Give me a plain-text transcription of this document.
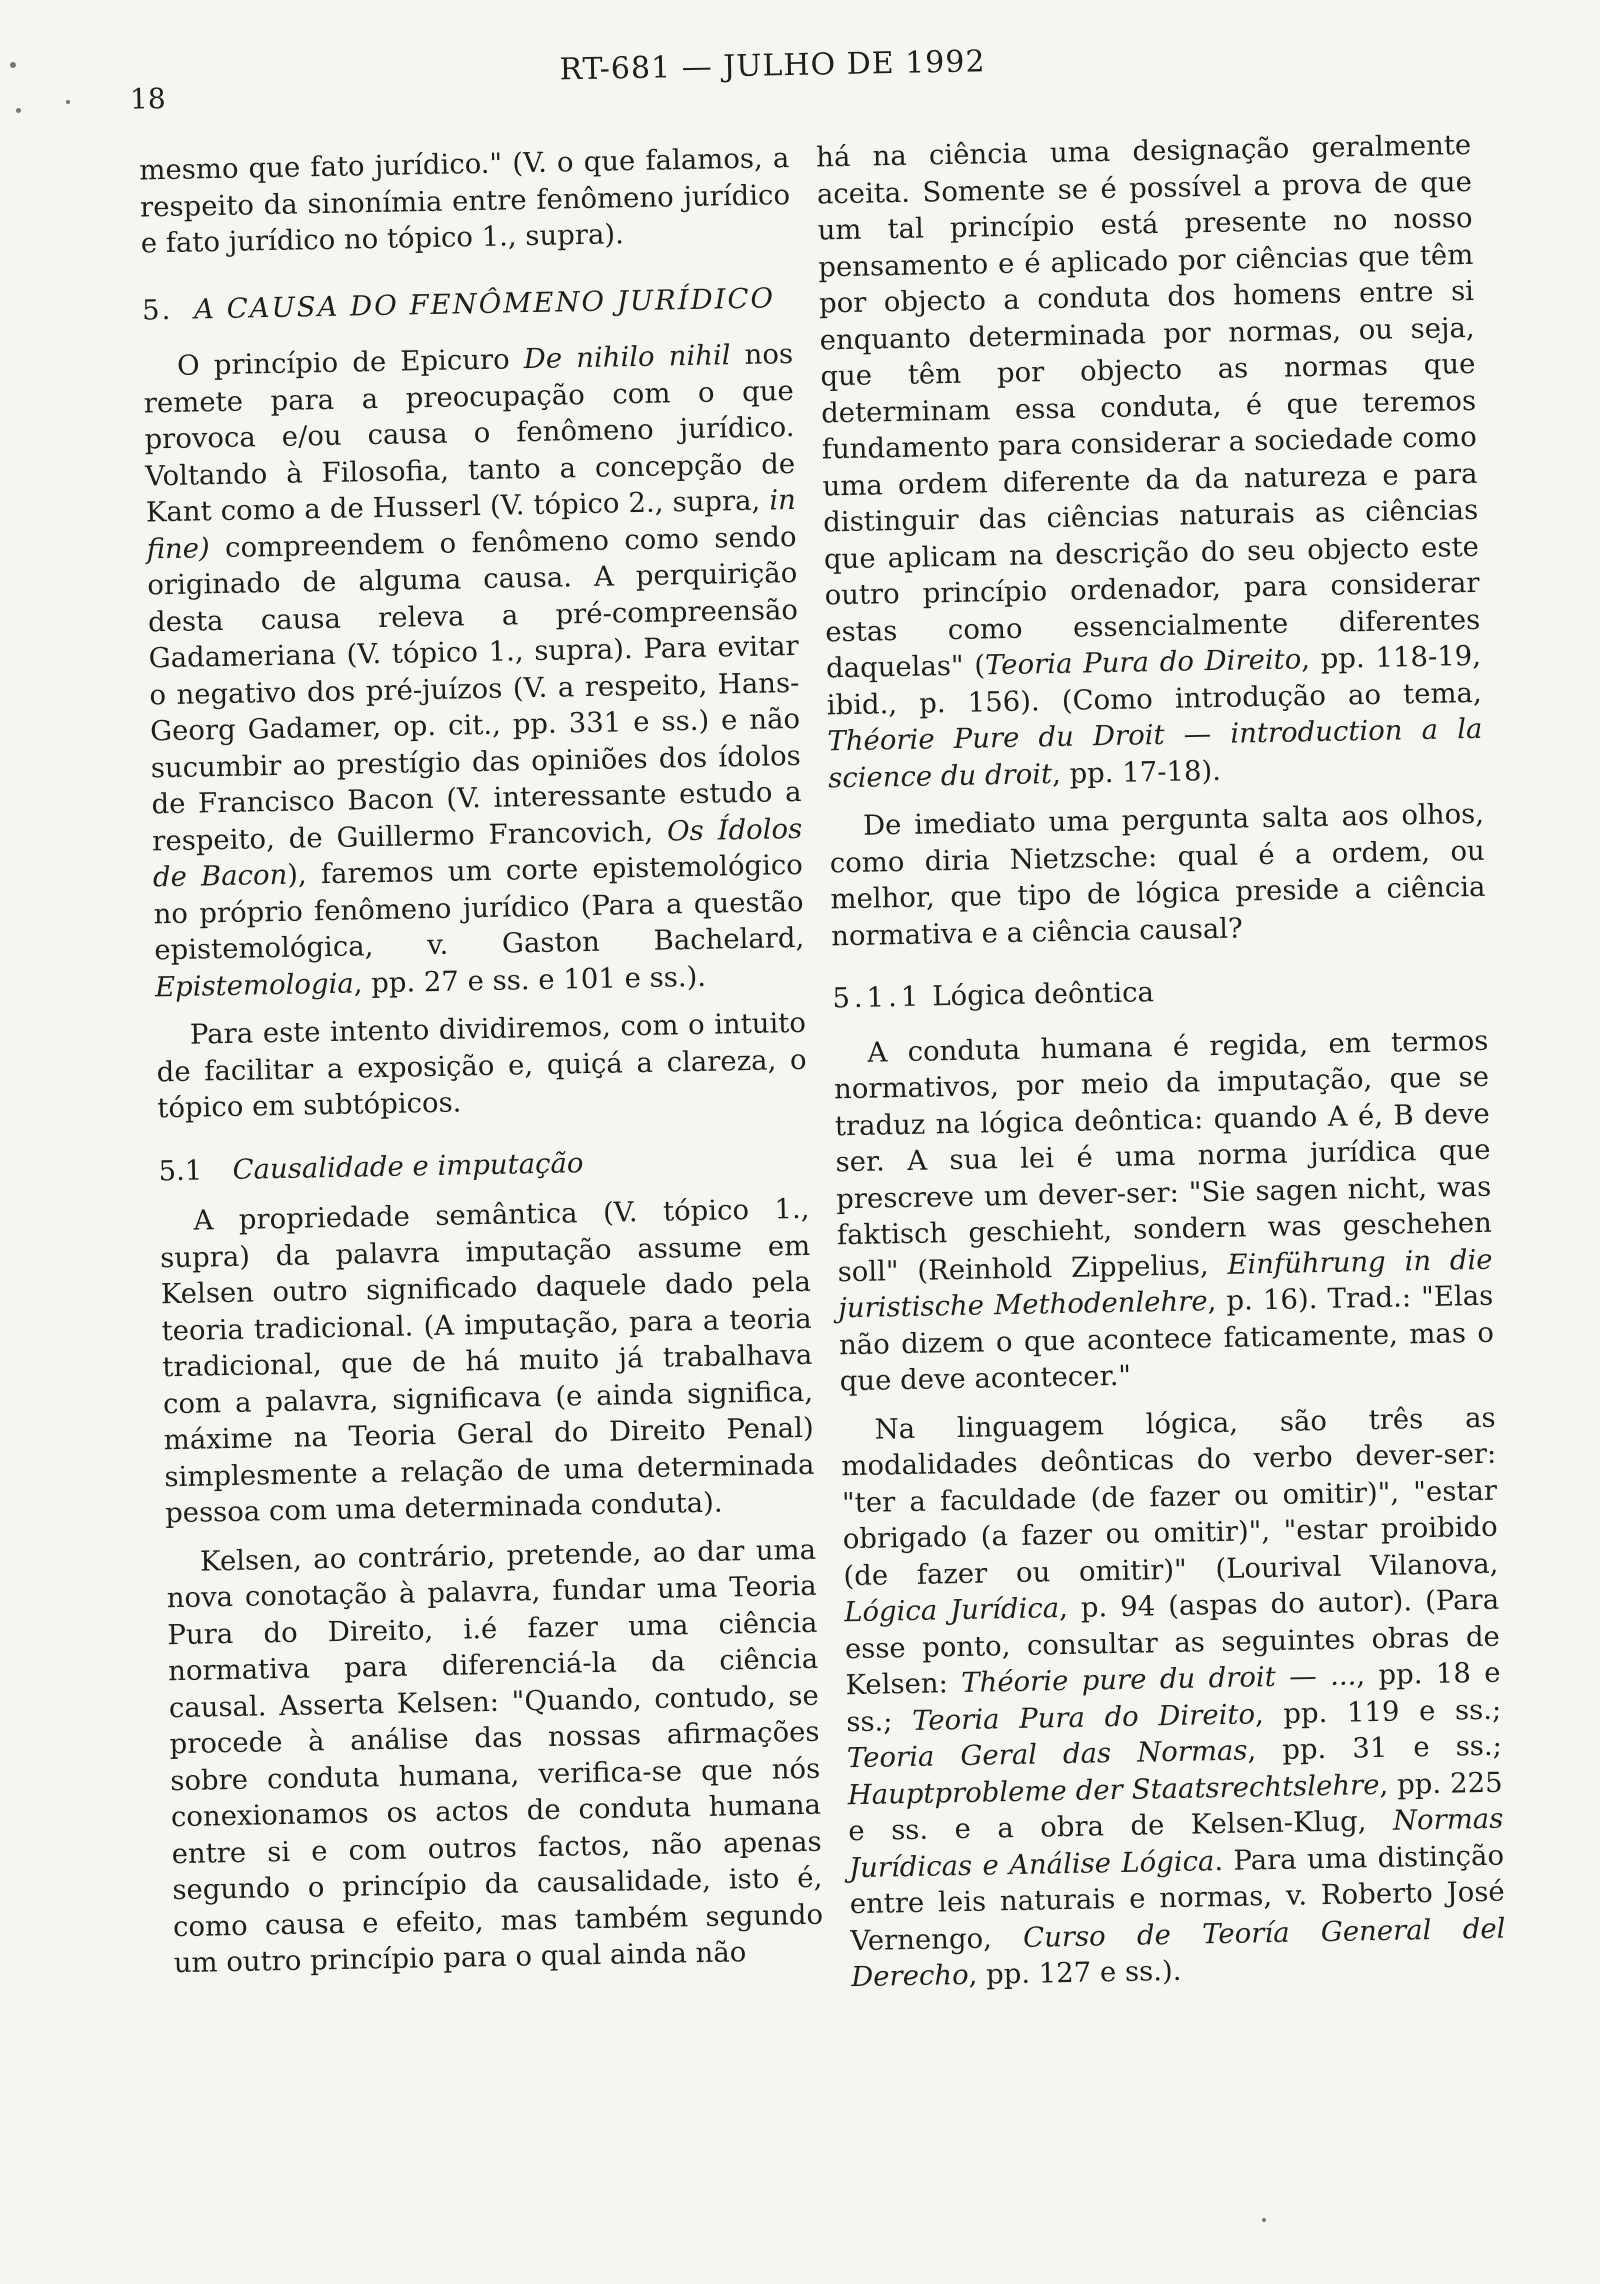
18
RT-681 — JULHO DE 1992

mesmo que fato jurídico." (V. o que falamos, a respeito da sinonímia entre fenômeno jurídico e fato jurídico no tópico 1., supra).

5. A CAUSA DO FENÔMENO JURÍDICO

O princípio de Epicuro De nihilo nihil nos remete para a preocupação com o que provoca e/ou causa o fenômeno jurídico. Voltando à Filosofia, tanto a concepção de Kant como a de Husserl (V. tópico 2., supra, in fine) compreendem o fenômeno como sendo originado de alguma causa. A perquirição desta causa releva a pré-compreensão Gadameriana (V. tópico 1., supra). Para evitar o negativo dos pré-juízos (V. a respeito, Hans-Georg Gadamer, op. cit., pp. 331 e ss.) e não sucumbir ao prestígio das opiniões dos ídolos de Francisco Bacon (V. interessante estudo a respeito, de Guillermo Francovich, Os Ídolos de Bacon), faremos um corte epistemológico no próprio fenômeno jurídico (Para a questão epistemológica, v. Gaston Bachelard, Epistemologia, pp. 27 e ss. e 101 e ss.).

Para este intento dividiremos, com o intuito de facilitar a exposição e, quiçá a clareza, o tópico em subtópicos.

5.1 Causalidade e imputação

A propriedade semântica (V. tópico 1., supra) da palavra imputação assume em Kelsen outro significado daquele dado pela teoria tradicional. (A imputação, para a teoria tradicional, que de há muito já trabalhava com a palavra, significava (e ainda significa, máxime na Teoria Geral do Direito Penal) simplesmente a relação de uma determinada pessoa com uma determinada conduta).

Kelsen, ao contrário, pretende, ao dar uma nova conotação à palavra, fundar uma Teoria Pura do Direito, i.é fazer uma ciência normativa para diferenciá-la da ciência causal. Asserta Kelsen: "Quando, contudo, se procede à análise das nossas afirmações sobre conduta humana, verifica-se que nós conexionamos os actos de conduta humana entre si e com outros factos, não apenas segundo o princípio da causalidade, isto é, como causa e efeito, mas também segundo um outro princípio para o qual ainda não

há na ciência uma designação geralmente aceita. Somente se é possível a prova de que um tal princípio está presente no nosso pensamento e é aplicado por ciências que têm por objecto a conduta dos homens entre si enquanto determinada por normas, ou seja, que têm por objecto as normas que determinam essa conduta, é que teremos fundamento para considerar a sociedade como uma ordem diferente da da natureza e para distinguir das ciências naturais as ciências que aplicam na descrição do seu objecto este outro princípio ordenador, para considerar estas como essencialmente diferentes daquelas" (Teoria Pura do Direito, pp. 118-19, ibid., p. 156). (Como introdução ao tema, Théorie Pure du Droit — introduction a la science du droit, pp. 17-18).

De imediato uma pergunta salta aos olhos, como diria Nietzsche: qual é a ordem, ou melhor, que tipo de lógica preside a ciência normativa e a ciência causal?

5.1.1 Lógica deôntica

A conduta humana é regida, em termos normativos, por meio da imputação, que se traduz na lógica deôntica: quando A é, B deve ser. A sua lei é uma norma jurídica que prescreve um dever-ser: "Sie sagen nicht, was faktisch geschieht, sondern was geschehen soll" (Reinhold Zippelius, Einführung in die juristische Methodenlehre, p. 16). Trad.: "Elas não dizem o que acontece faticamente, mas o que deve acontecer."

Na linguagem lógica, são três as modalidades deônticas do verbo dever-ser: "ter a faculdade (de fazer ou omitir)", "estar obrigado (a fazer ou omitir)", "estar proibido (de fazer ou omitir)" (Lourival Vilanova, Lógica Jurídica, p. 94 (aspas do autor). (Para esse ponto, consultar as seguintes obras de Kelsen: Théorie pure du droit — ..., pp. 18 e ss.; Teoria Pura do Direito, pp. 119 e ss.; Teoria Geral das Normas, pp. 31 e ss.; Hauptprobleme der Staatsrechtslehre, pp. 225 e ss. e a obra de Kelsen-Klug, Normas Jurídicas e Análise Lógica. Para uma distinção entre leis naturais e normas, v. Roberto José Vernengo, Curso de Teoría General del Derecho, pp. 127 e ss.).
